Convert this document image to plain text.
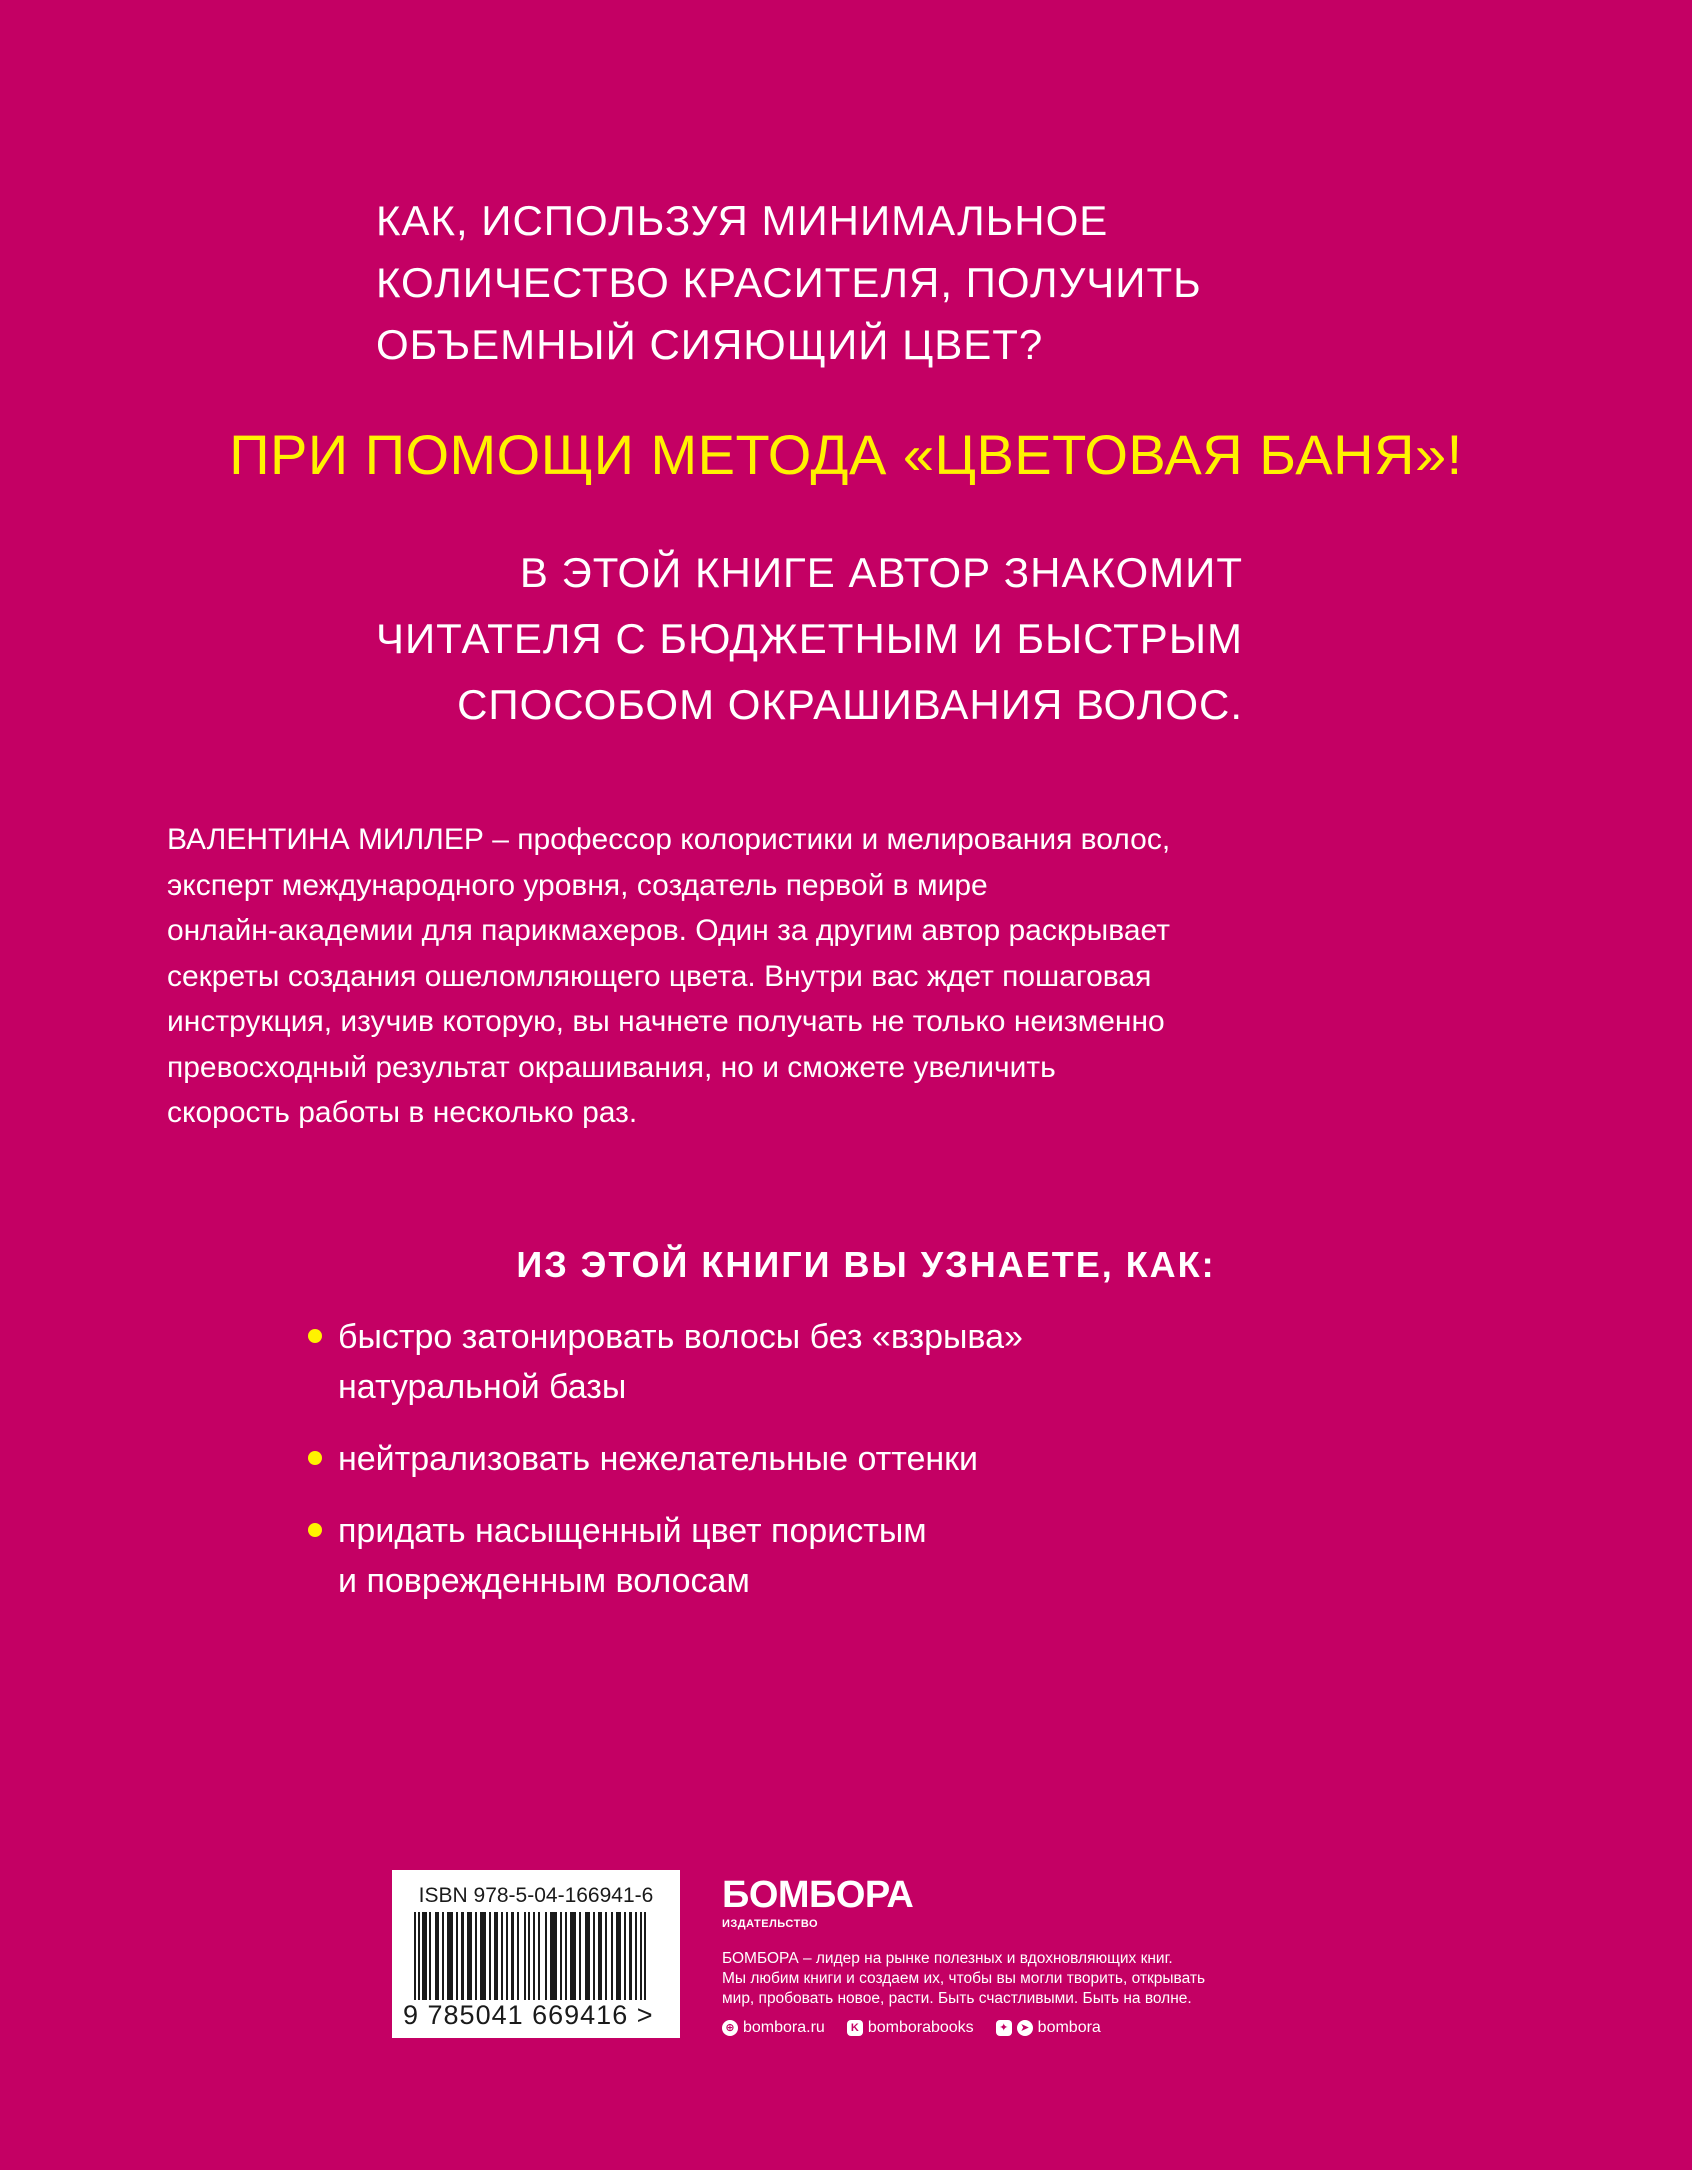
КАК, ИСПОЛЬЗУЯ МИНИМАЛЬНОЕ
КОЛИЧЕСТВО КРАСИТЕЛЯ, ПОЛУЧИТЬ
ОБЪЕМНЫЙ СИЯЮЩИЙ ЦВЕТ?
ПРИ ПОМОЩИ МЕТОДА «ЦВЕТОВАЯ БАНЯ»!
В ЭТОЙ КНИГЕ АВТОР ЗНАКОМИТ
ЧИТАТЕЛЯ С БЮДЖЕТНЫМ И БЫСТРЫМ
СПОСОБОМ ОКРАШИВАНИЯ ВОЛОС.
ВАЛЕНТИНА МИЛЛЕР – профессор колористики и мелирования волос,
эксперт международного уровня, создатель первой в мире
онлайн-академии для парикмахеров. Один за другим автор раскрывает
секреты создания ошеломляющего цвета. Внутри вас ждет пошаговая
инструкция, изучив которую, вы начнете получать не только неизменно
превосходный результат окрашивания, но и сможете увеличить
скорость работы в несколько раз.
ИЗ ЭТОЙ КНИГИ ВЫ УЗНАЕТЕ, КАК:
быстро затонировать волосы без «взрыва»
натуральной базы
нейтрализовать нежелательные оттенки
придать насыщенный цвет пористым
и поврежденным волосам
ISBN 978-5-04-166941-6
9 785041 669416 >
БОМБОРА
ИЗДАТЕЛЬСТВО
БОМБОРА – лидер на рынке полезных и вдохновляющих книг.
Мы любим книги и создаем их, чтобы вы могли творить, открывать
мир, пробовать новое, расти. Быть счастливыми. Быть на волне.
⊕ bombora.ru	K bomborabooks	✦	➤ bombora
